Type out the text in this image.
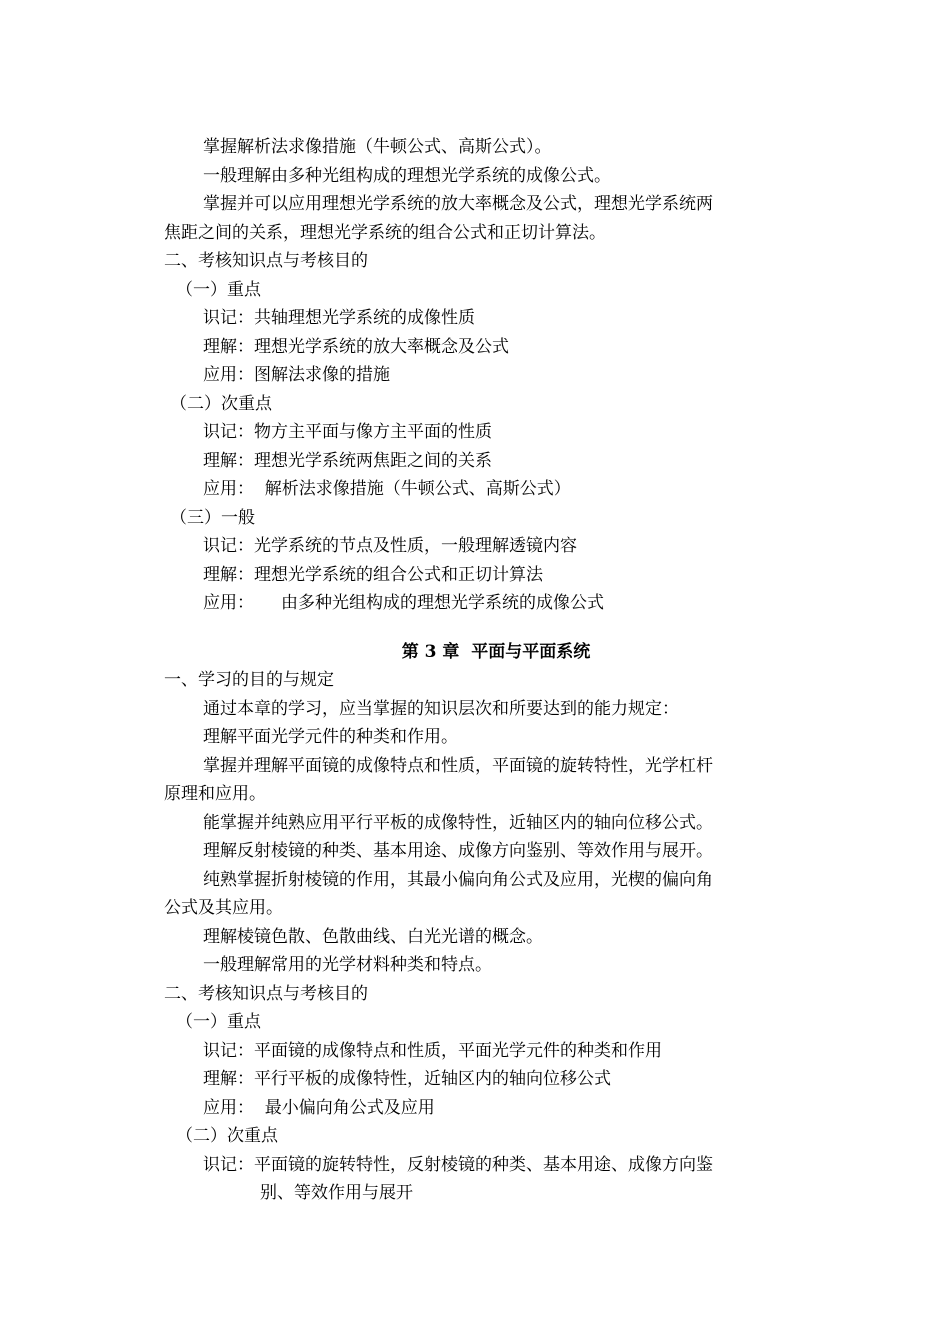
掌握解析法求像措施（牛顿公式、高斯公式）。
一般理解由多种光组构成的理想光学系统的成像公式。
掌握并可以应用理想光学系统的放大率概念及公式，理想光学系统两
焦距之间的关系，理想光学系统的组合公式和正切计算法。
二、考核知识点与考核目的
（一）重点
识记：共轴理想光学系统的成像性质
理解：理想光学系统的放大率概念及公式
应用：图解法求像的措施
（二）次重点
识记：物方主平面与像方主平面的性质
理解：理想光学系统两焦距之间的关系
应用：  解析法求像措施（牛顿公式、高斯公式）
（三）一般
识记：光学系统的节点及性质，一般理解透镜内容
理解：理想光学系统的组合公式和正切计算法
应用：     由多种光组构成的理想光学系统的成像公式
第 3 章  平面与平面系统
一、学习的目的与规定
通过本章的学习，应当掌握的知识层次和所要达到的能力规定：
理解平面光学元件的种类和作用。
掌握并理解平面镜的成像特点和性质，平面镜的旋转特性，光学杠杆
原理和应用。
能掌握并纯熟应用平行平板的成像特性，近轴区内的轴向位移公式。
理解反射棱镜的种类、基本用途、成像方向鉴别、等效作用与展开。
纯熟掌握折射棱镜的作用，其最小偏向角公式及应用，光楔的偏向角
公式及其应用。
理解棱镜色散、色散曲线、白光光谱的概念。
一般理解常用的光学材料种类和特点。
二、考核知识点与考核目的
（一）重点
识记：平面镜的成像特点和性质，平面光学元件的种类和作用
理解：平行平板的成像特性，近轴区内的轴向位移公式
应用：  最小偏向角公式及应用
（二）次重点
识记：平面镜的旋转特性，反射棱镜的种类、基本用途、成像方向鉴
别、等效作用与展开
